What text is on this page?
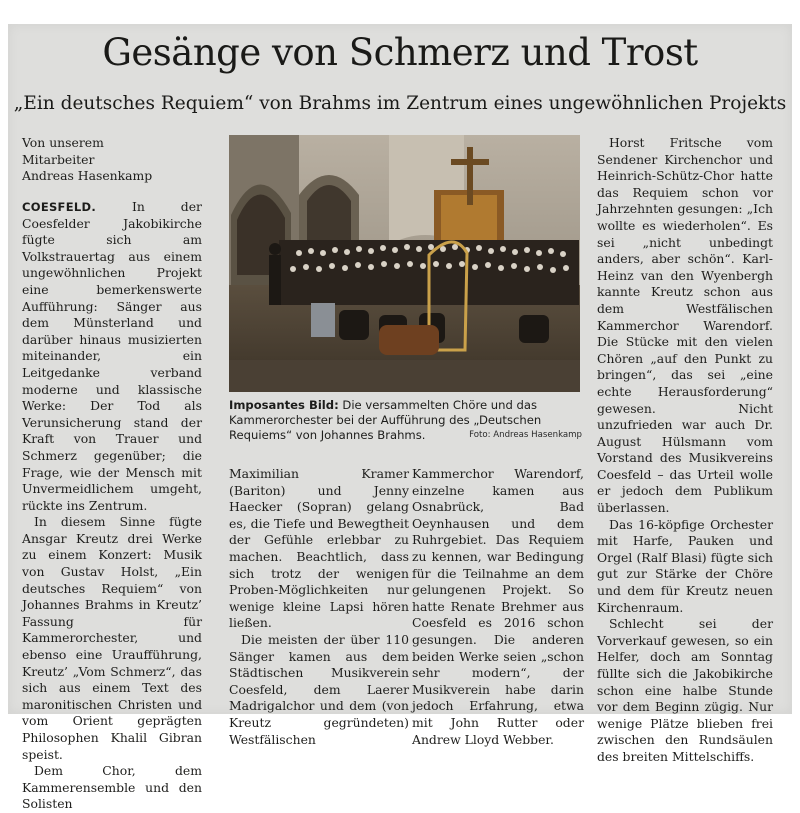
Gesänge von Schmerz und Trost
„Ein deutsches Requiem“ von Brahms im Zentrum eines ungewöhnlichen Projekts
Von unserem
Mitarbeiter
Andreas Hasenkamp

COESFELD.	In der Coesfelder Jakobikirche fügte sich am Volkstrauertag aus einem ungewöhnlichen Projekt eine bemerkenswerte Aufführung: Sänger aus dem Münsterland und darüber hinaus musizierten miteinander, ein Leitgedanke verband moderne und klassische Werke: Der Tod als Verunsicherung stand der Kraft von Trauer und Schmerz gegenüber; die Frage, wie der Mensch mit Unvermeidlichem umgeht, rückte ins Zentrum.

In diesem Sinne fügte Ansgar Kreutz drei Werke zu einem Konzert: Musik von Gustav Holst, „Ein deutsches Requiem“ von Johannes Brahms in Kreutz’ Fassung für Kammerorchester, und ebenso eine Uraufführung, Kreutz’ „Vom Schmerz“, das sich aus einem Text des maronitischen Christen und vom Orient geprägten Philosophen Khalil Gibran speist.

Dem Chor, dem Kammerensemble und den Solisten

Imposantes Bild: Die versammelten Chöre und das Kammerorchester bei der Aufführung des „Deutschen Requiems“ von Johannes Brahms.	Foto: Andreas Hasenkamp

Maximilian Kramer (Bariton) und Jenny Haecker (Sopran) gelang es, die Tiefe und Bewegtheit der Gefühle erlebbar zu machen. Beachtlich, dass sich trotz der wenigen Proben-Möglichkeiten nur wenige kleine Lapsi hören ließen.

Die meisten der über 110 Sänger kamen aus dem Städtischen Musikverein Coesfeld, dem Laerer Madrigalchor und dem (von Kreutz gegründeten) Westfälischen

Kammerchor Warendorf, einzelne kamen aus Osnabrück, Bad Oeynhausen und dem Ruhrgebiet. Das Requiem zu kennen, war Bedingung für die Teilnahme an dem gelungenen Projekt. So hatte Renate Brehmer aus Coesfeld es 2016 schon gesungen. Die anderen beiden Werke seien „schon sehr modern“, der Musikverein habe darin jedoch Erfahrung, etwa mit John Rutter oder Andrew Lloyd Webber.

Horst Fritsche vom Sendener Kirchenchor und Heinrich-Schütz-Chor hatte das Requiem schon vor Jahrzehnten gesungen: „Ich wollte es wiederholen“. Es sei „nicht unbedingt anders, aber schön“. Karl-Heinz van den Wyenbergh kannte Kreutz schon aus dem Westfälischen Kammerchor Warendorf. Die Stücke mit den vielen Chören „auf den Punkt zu bringen“, das sei „eine echte Herausforderung“ gewesen. Nicht unzufrieden war auch Dr. August Hülsmann vom Vorstand des Musikvereins Coesfeld – das Urteil wolle er jedoch dem Publikum überlassen.

Das 16-köpfige Orchester mit Harfe, Pauken und Orgel (Ralf Blasi) fügte sich gut zur Stärke der Chöre und dem für Kreutz neuen Kirchenraum.

Schlecht sei der Vorverkauf gewesen, so ein Helfer, doch am Sonntag füllte sich die Jakobikirche schon eine halbe Stunde vor dem Beginn zügig. Nur wenige Plätze blieben frei zwischen den Rundsäulen des breiten Mittelschiffs.
